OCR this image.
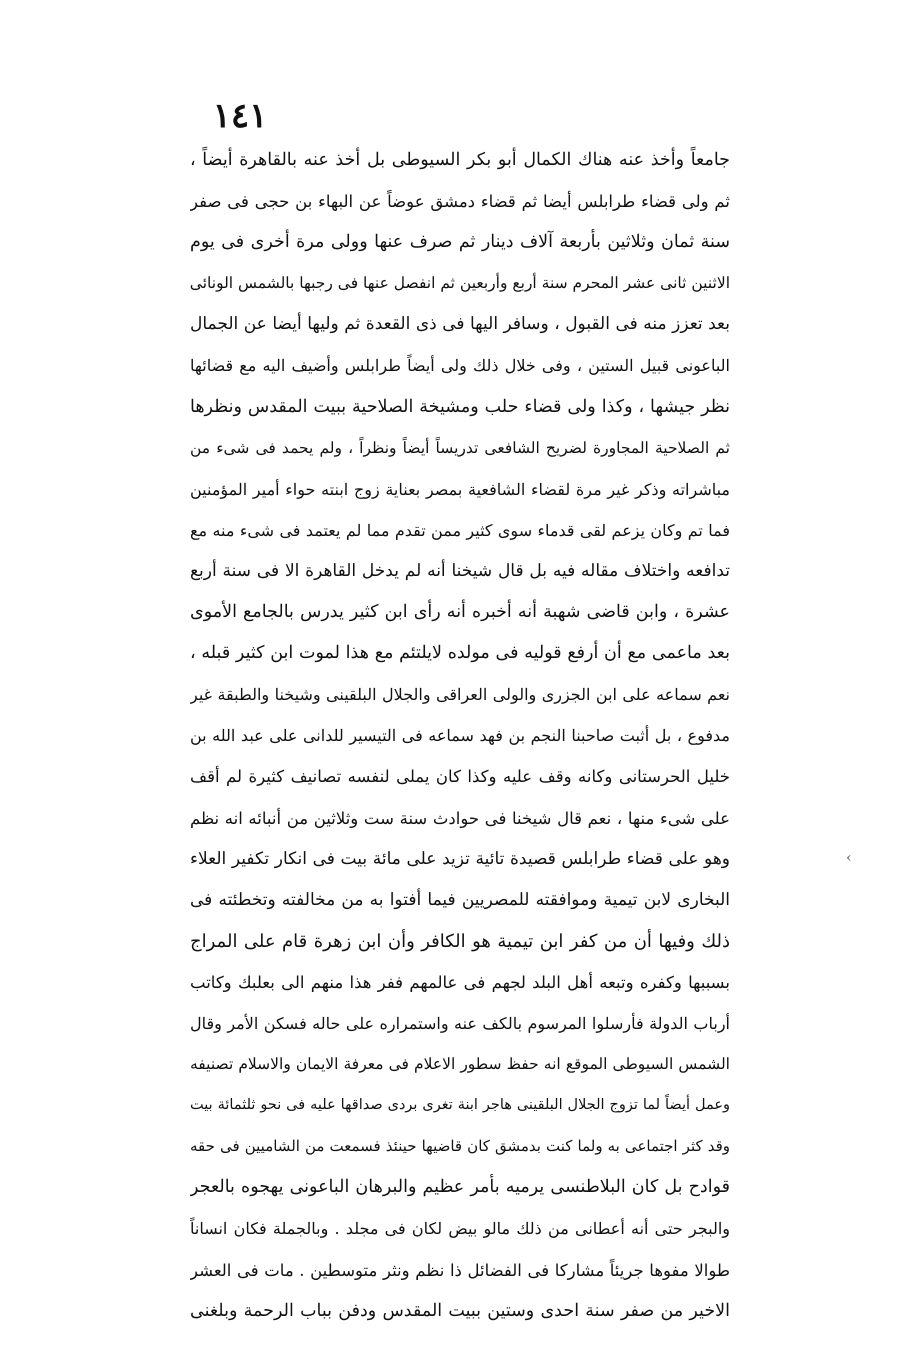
١٤١
جامعاً وأخذ عنه هناك الكمال أبو بكر السيوطى بل أخذ عنه بالقاهرة أيضاً ،
ثم ولى قضاء طرابلس أيضا ثم قضاء دمشق عوضاً عن البهاء بن حجى فى صفر
سنة ثمان وثلاثين بأربعة آلاف دينار ثم صرف عنها وولى مرة أخرى فى يوم
الاثنين ثانى عشر المحرم سنة أربع وأربعين ثم انفصل عنها فى رجبها بالشمس الونائى
بعد تعزز منه فى القبول ، وسافر اليها فى ذى القعدة ثم وليها أيضا عن الجمال
الباعونى قبيل الستين ، وفى خلال ذلك ولى أيضاً طرابلس وأضيف اليه مع قضائها
نظر جيشها ، وكذا ولى قضاء حلب ومشيخة الصلاحية ببيت المقدس ونظرها
ثم الصلاحية المجاورة لضريح الشافعى تدريساً أيضاً ونظراً ، ولم يحمد فى شىء من
مباشراته وذكر غير مرة لقضاء الشافعية بمصر بعناية زوج ابنته حواء أمير المؤمنين
فما تم وكان يزعم لقى قدماء سوى كثير ممن تقدم مما لم يعتمد فى شىء منه مع
تدافعه واختلاف مقاله فيه بل قال شيخنا أنه لم يدخل القاهرة الا فى سنة أربع
عشرة ، وابن قاضى شهبة أنه أخبره أنه رأى ابن كثير يدرس بالجامع الأموى
بعد ماعمى مع أن أرفع قوليه فى مولده لايلتئم مع هذا لموت ابن كثير قبله ،
نعم سماعه على ابن الجزرى والولى العراقى والجلال البلقينى وشيخنا والطبقة غير
مدفوع ، بل أثبت صاحبنا النجم بن فهد سماعه فى التيسير للدانى على عبد الله بن
خليل الحرستانى وكانه وقف عليه وكذا كان يملى لنفسه تصانيف كثيرة لم أقف
على شىء منها ، نعم قال شيخنا فى حوادث سنة ست وثلاثين من أنبائه انه نظم
وهو على قضاء طرابلس قصيدة تائية تزيد على مائة بيت فى انكار تكفير العلاء
البخارى لابن تيمية وموافقته للمصريين فيما أفتوا به من مخالفته وتخطئته فى
ذلك وفيها أن من كفر ابن تيمية هو الكافر وأن ابن زهرة قام على المراج
بسببها وكفره وتبعه أهل البلد لجهم فى عالمهم ففر هذا منهم الى بعلبك وكاتب
أرباب الدولة فأرسلوا المرسوم بالكف عنه واستمراره على حاله فسكن الأمر وقال
الشمس السيوطى الموقع انه حفظ سطور الاعلام فى معرفة الايمان والاسلام تصنيفه
وعمل أيضاً لما تزوج الجلال البلقينى هاجر ابنة تغرى بردى صداقها عليه فى نحو ثلثمائة بيت
وقد كثر اجتماعى به ولما كنت بدمشق كان قاضيها حينئذ فسمعت من الشاميين فى حقه
قوادح بل كان البلاطنسى يرميه بأمر عظيم والبرهان الباعونى يهجوه بالعجر
والبجر حتى أنه أعطانى من ذلك مالو بيض لكان فى مجلد . وبالجملة فكان انساناً
طوالا مفوها جريئاً مشاركا فى الفضائل ذا نظم ونثر متوسطين . مات فى العشر
الاخير من صفر سنة احدى وستين ببيت المقدس ودفن بباب الرحمة وبلغنى
‹
